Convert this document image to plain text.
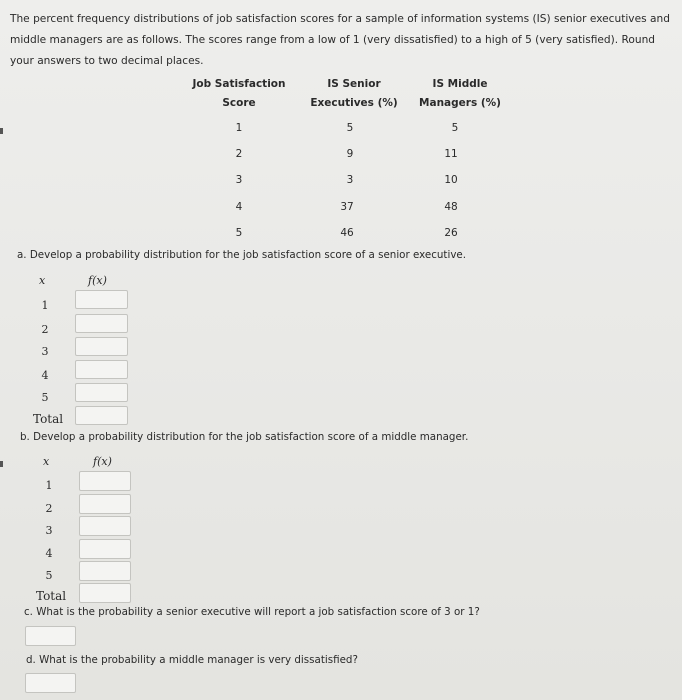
The percent frequency distributions of job satisfaction scores for a sample of information systems (IS) senior executives and middle managers are as follows. The scores range from a low of 1 (very dissatisfied) to a high of 5 (very satisfied). Round your answers to two decimal places.
Job Satisfaction
Score
IS Senior
Executives (%)
IS Middle
Managers (%)
1	5	5
2	9	11
3	3	10
4	37	48
5	46	26
a. Develop a probability distribution for the job satisfaction score of a senior executive.
x	f(x)
1
2
3
4
5
Total
b. Develop a probability distribution for the job satisfaction score of a middle manager.
x	f(x)
1
2
3
4
5
Total
c. What is the probability a senior executive will report a job satisfaction score of 3 or 1?
d. What is the probability a middle manager is very dissatisfied?
